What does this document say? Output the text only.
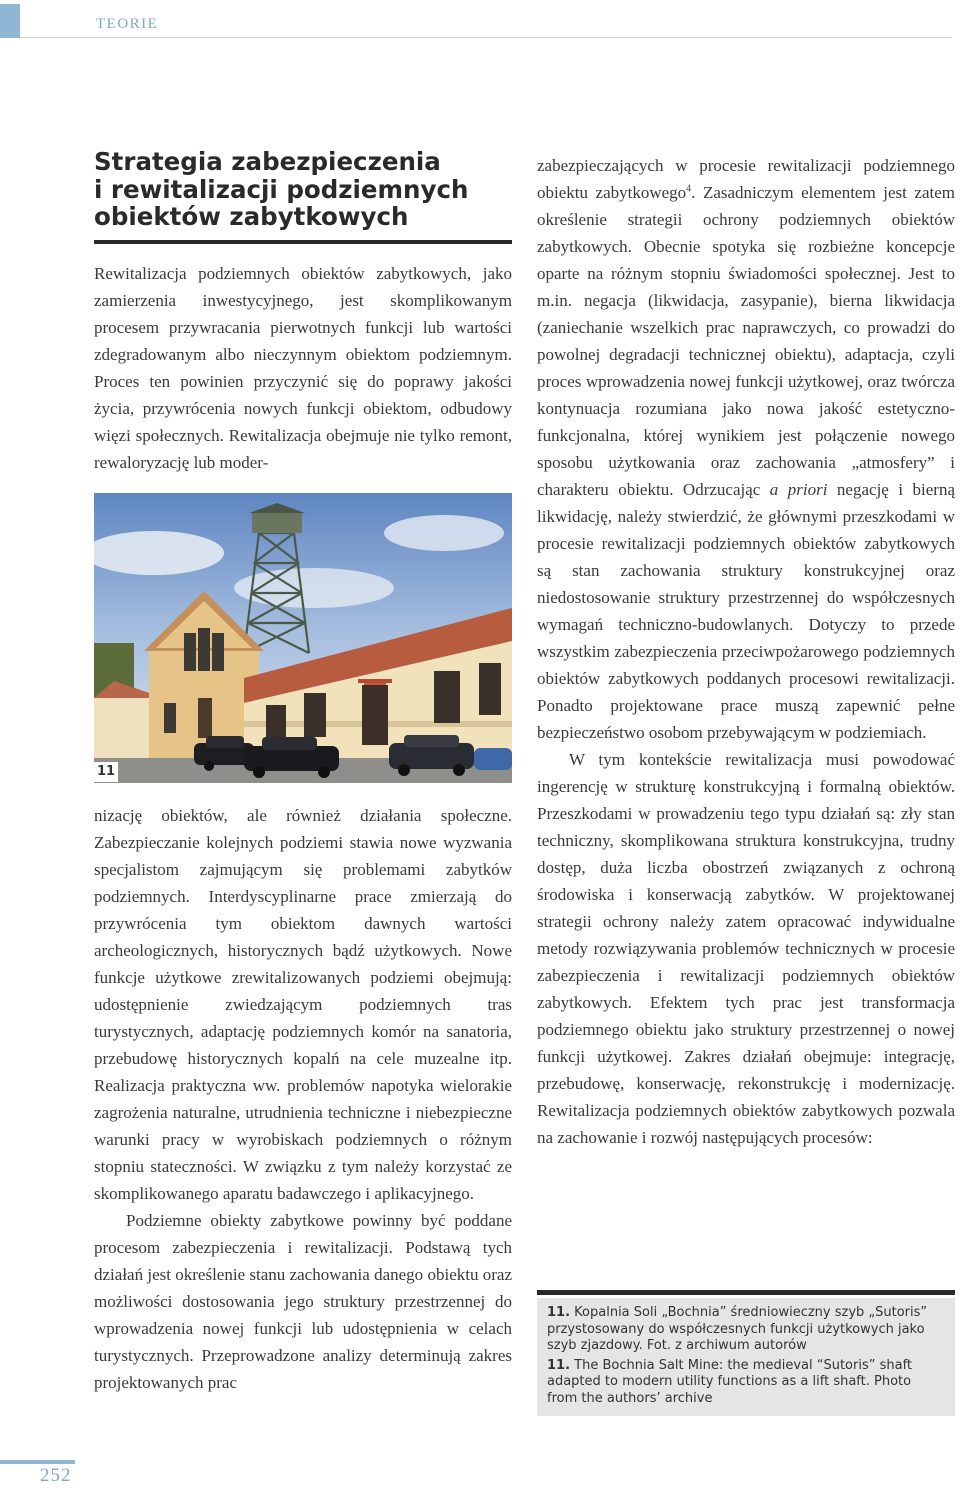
TEORIE
Strategia zabezpieczenia
i rewitalizacji podziemnych
obiektów zabytkowych

Rewitalizacja podziemnych obiektów zabytkowych, jako zamierzenia inwestycyjnego, jest skomplikowanym procesem przywracania pierwotnych funkcji lub wartości zdegradowanym albo nieczynnym obiektom podziemnym. Proces ten powinien przyczynić się do poprawy jakości życia, przywrócenia nowych funkcji obiektom, odbudowy więzi społecznych. Rewitalizacja obejmuje nie tylko remont, rewaloryzację lub moder-

11

nizację obiektów, ale również działania społeczne. Zabezpieczanie kolejnych podziemi stawia nowe wyzwania specjalistom zajmującym się problemami zabytków podziemnych. Interdyscyplinarne prace zmierzają do przywrócenia tym obiektom dawnych wartości archeologicznych, historycznych bądź użytkowych. Nowe funkcje użytkowe zrewitalizowanych podziemi obejmują: udostępnienie zwiedzającym podziemnych tras turystycznych, adaptację podziemnych komór na sanatoria, przebudowę historycznych kopalń na cele muzealne itp. Realizacja praktyczna ww. problemów napotyka wielorakie zagrożenia naturalne, utrudnienia techniczne i niebezpieczne warunki pracy w wyrobiskach podziemnych o różnym stopniu stateczności. W związku z tym należy korzystać ze skomplikowanego aparatu badawczego i aplikacyjnego.

Podziemne obiekty zabytkowe powinny być poddane procesom zabezpieczenia i rewitalizacji. Podstawą tych działań jest określenie stanu zachowania danego obiektu oraz możliwości dostosowania jego struktury przestrzennej do wprowadzenia nowej funkcji lub udostępnienia w celach turystycznych. Przeprowadzone analizy determinują zakres projektowanych prac

zabezpieczających w procesie rewitalizacji podziemnego obiektu zabytkowego$^4$. Zasadniczym elementem jest zatem określenie strategii ochrony podziemnych obiektów zabytkowych. Obecnie spotyka się rozbieżne koncepcje oparte na różnym stopniu świadomości społecznej. Jest to m.in. negacja (likwidacja, zasypanie), bierna likwidacja (zaniechanie wszelkich prac naprawczych, co prowadzi do powolnej degradacji technicznej obiektu), adaptacja, czyli proces wprowadzenia nowej funkcji użytkowej, oraz twórcza kontynuacja rozumiana jako nowa jakość estetyczno-funkcjonalna, której wynikiem jest połączenie nowego sposobu użytkowania oraz zachowania „atmosfery” i charakteru obiektu. Odrzucając a priori negację i bierną likwidację, należy stwierdzić, że głównymi przeszkodami w procesie rewitalizacji podziemnych obiektów zabytkowych są stan zachowania struktury konstrukcyjnej oraz niedostosowanie struktury przestrzennej do współczesnych wymagań techniczno-budowlanych. Dotyczy to przede wszystkim zabezpieczenia przeciwpożarowego podziemnych obiektów zabytkowych poddanych procesowi rewitalizacji. Ponadto projektowane prace muszą zapewnić pełne bezpieczeństwo osobom przebywającym w podziemiach.

W tym kontekście rewitalizacja musi powodować ingerencję w strukturę konstrukcyjną i formalną obiektów. Przeszkodami w prowadzeniu tego typu działań są: zły stan techniczny, skomplikowana struktura konstrukcyjna, trudny dostęp, duża liczba obostrzeń związanych z ochroną środowiska i konserwacją zabytków. W projektowanej strategii ochrony należy zatem opracować indywidualne metody rozwiązywania problemów technicznych w procesie zabezpieczenia i rewitalizacji podziemnych obiektów zabytkowych. Efektem tych prac jest transformacja podziemnego obiektu jako struktury przestrzennej o nowej funkcji użytkowej. Zakres działań obejmuje: integrację, przebudowę, konserwację, rekonstrukcję i modernizację. Rewitalizacja podziemnych obiektów zabytkowych pozwala na zachowanie i rozwój następujących procesów:

11. Kopalnia Soli „Bochnia” średniowieczny szyb „Sutoris” przystosowany do współczesnych funkcji użytkowych jako szyb zjazdowy. Fot. z archiwum autorów

11. The Bochnia Salt Mine: the medieval “Sutoris” shaft adapted to modern utility functions as a lift shaft. Photo from the authors’ archive

252
